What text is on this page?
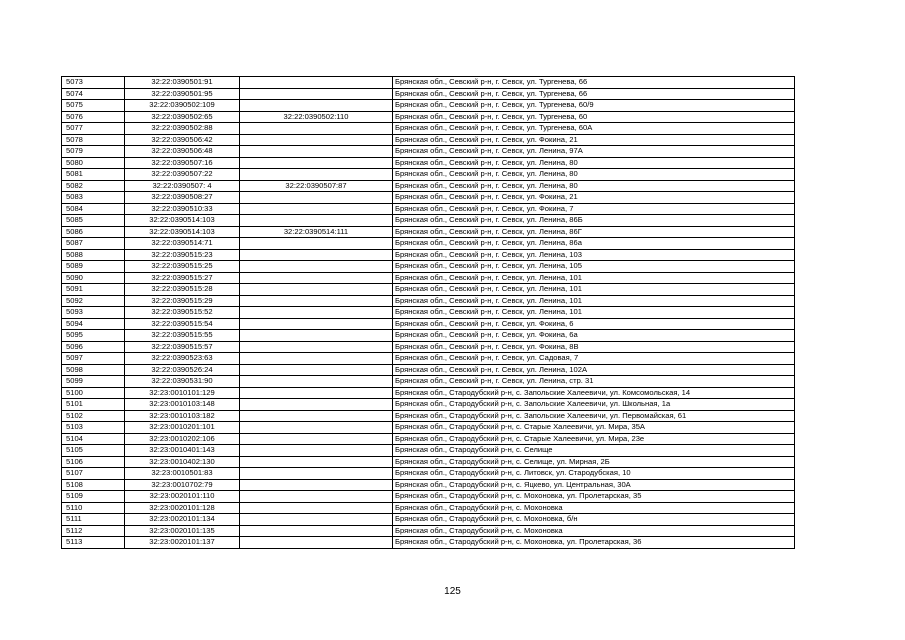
5073	32:22:0390501:91		Брянская обл., Севский р-н, г. Севск, ул. Тургенева, 66
5074	32:22:0390501:95		Брянская обл., Севский р-н, г. Севск, ул. Тургенева, 66
5075	32:22:0390502:109		Брянская обл., Севский р-н, г. Севск, ул. Тургенева, 60/9
5076	32:22:0390502:65	32:22:0390502:110	Брянская обл., Севский р-н, г. Севск, ул. Тургенева, 60
5077	32:22:0390502:88		Брянская обл., Севский р-н, г. Севск, ул. Тургенева, 60А
5078	32:22:0390506:42		Брянская обл., Севский р-н, г. Севск, ул. Фокина, 21
5079	32:22:0390506:48		Брянская обл., Севский р-н, г. Севск, ул. Ленина, 97А
5080	32:22:0390507:16		Брянская обл., Севский р-н, г. Севск, ул. Ленина, 80
5081	32:22:0390507:22		Брянская обл., Севский р-н, г. Севск, ул. Ленина, 80
5082	32:22:0390507: 4	32:22:0390507:87	Брянская обл., Севский р-н, г. Севск, ул. Ленина, 80
5083	32:22:0390508:27		Брянская обл., Севский р-н, г. Севск, ул. Фокина, 21
5084	32:22:0390510:33		Брянская обл., Севский р-н, г. Севск, ул. Фокина, 7
5085	32:22:0390514:103		Брянская обл., Севский р-н, г. Севск, ул. Ленина, 86Б
5086	32:22:0390514:103	32:22:0390514:111	Брянская обл., Севский р-н, г. Севск, ул. Ленина, 86Г
5087	32:22:0390514:71		Брянская обл., Севский р-н, г. Севск, ул. Ленина, 86а
5088	32:22:0390515:23		Брянская обл., Севский р-н, г. Севск, ул. Ленина, 103
5089	32:22:0390515:25		Брянская обл., Севский р-н, г. Севск, ул. Ленина, 105
5090	32:22:0390515:27		Брянская обл., Севский р-н, г. Севск, ул. Ленина, 101
5091	32:22:0390515:28		Брянская обл., Севский р-н, г. Севск, ул. Ленина, 101
5092	32:22:0390515:29		Брянская обл., Севский р-н, г. Севск, ул. Ленина, 101
5093	32:22:0390515:52		Брянская обл., Севский р-н, г. Севск, ул. Ленина, 101
5094	32:22:0390515:54		Брянская обл., Севский р-н, г. Севск, ул. Фокина, 6
5095	32:22:0390515:55		Брянская обл., Севский р-н, г. Севск, ул. Фокина, 6а
5096	32:22:0390515:57		Брянская обл., Севский р-н, г. Севск, ул. Фокина, 8В
5097	32:22:0390523:63		Брянская обл., Севский р-н, г. Севск, ул. Садовая, 7
5098	32:22:0390526:24		Брянская обл., Севский р-н, г. Севск, ул. Ленина, 102А
5099	32:22:0390531:90		Брянская обл., Севский р-н, г. Севск, ул. Ленина, стр. 31
5100	32:23:0010101:129		Брянская обл., Стародубский р-н, с. Запольские Халеевичи, ул. Комсомольская, 14
5101	32:23:0010103:148		Брянская обл., Стародубский р-н, с. Запольские Халеевичи, ул. Школьная, 1а
5102	32:23:0010103:182		Брянская обл., Стародубский р-н, с. Запольские Халеевичи, ул. Первомайская, 61
5103	32:23:0010201:101		Брянская обл., Стародубский р-н, с. Старые Халеевичи, ул. Мира, 35А
5104	32:23:0010202:106		Брянская обл., Стародубский р-н, с. Старые Халеевичи, ул. Мира, 23е
5105	32:23:0010401:143		Брянская обл., Стародубский р-н, с. Селище
5106	32:23:0010402:130		Брянская обл., Стародубский р-н, с. Селище, ул. Мирная, 2Б
5107	32:23:0010501:83		Брянская обл., Стародубский р-н, с. Литовск, ул. Стародубская, 10
5108	32:23:0010702:79		Брянская обл., Стародубский р-н, с. Яцкево, ул. Центральная, 30А
5109	32:23:0020101:110		Брянская обл., Стародубский р-н, с. Мохоновка, ул. Пролетарская, 35
5110	32:23:0020101:128		Брянская обл., Стародубский р-н, с. Мохоновка
5111	32:23:0020101:134		Брянская обл., Стародубский р-н, с. Мохоновка, б/н
5112	32:23:0020101:135		Брянская обл., Стародубский р-н, с. Мохоновка
5113	32:23:0020101:137		Брянская обл., Стародубский р-н, с. Мохоновка, ул. Пролетарская, 36
125
